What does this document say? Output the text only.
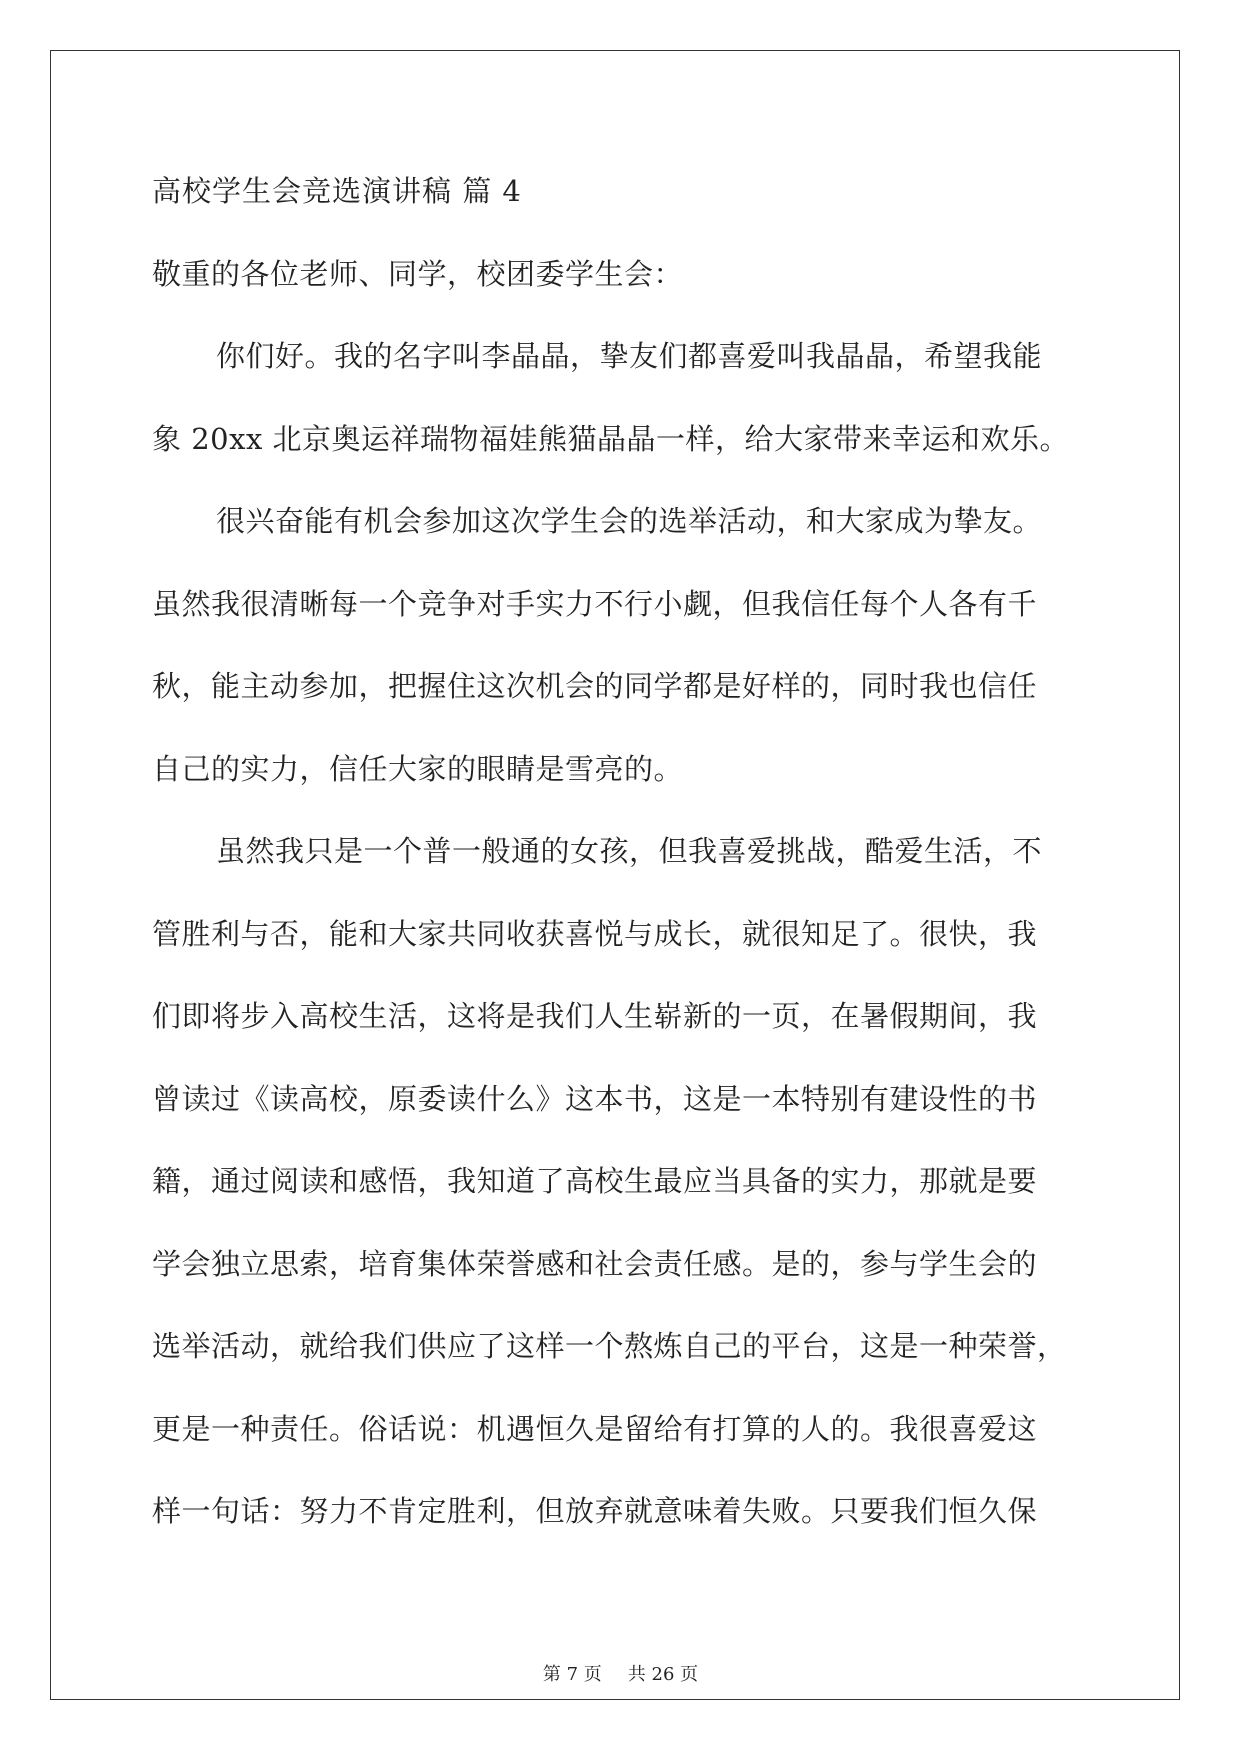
高校学生会竞选演讲稿 篇 4
敬重的各位老师、同学，校团委学生会：
你们好。我的名字叫李晶晶，挚友们都喜爱叫我晶晶，希望我能
象 20xx 北京奥运祥瑞物福娃熊猫晶晶一样，给大家带来幸运和欢乐。
很兴奋能有机会参加这次学生会的选举活动，和大家成为挚友。
虽然我很清晰每一个竞争对手实力不行小觑，但我信任每个人各有千
秋，能主动参加，把握住这次机会的同学都是好样的，同时我也信任
自己的实力，信任大家的眼睛是雪亮的。
虽然我只是一个普一般通的女孩，但我喜爱挑战，酷爱生活，不
管胜利与否，能和大家共同收获喜悦与成长，就很知足了。很快，我
们即将步入高校生活，这将是我们人生崭新的一页，在暑假期间，我
曾读过《读高校，原委读什么》这本书，这是一本特别有建设性的书
籍，通过阅读和感悟，我知道了高校生最应当具备的实力，那就是要
学会独立思索，培育集体荣誉感和社会责任感。是的，参与学生会的
选举活动，就给我们供应了这样一个熬炼自己的平台，这是一种荣誉，
更是一种责任。俗话说：机遇恒久是留给有打算的人的。我很喜爱这
样一句话：努力不肯定胜利，但放弃就意味着失败。只要我们恒久保
第 7 页 共 26 页
